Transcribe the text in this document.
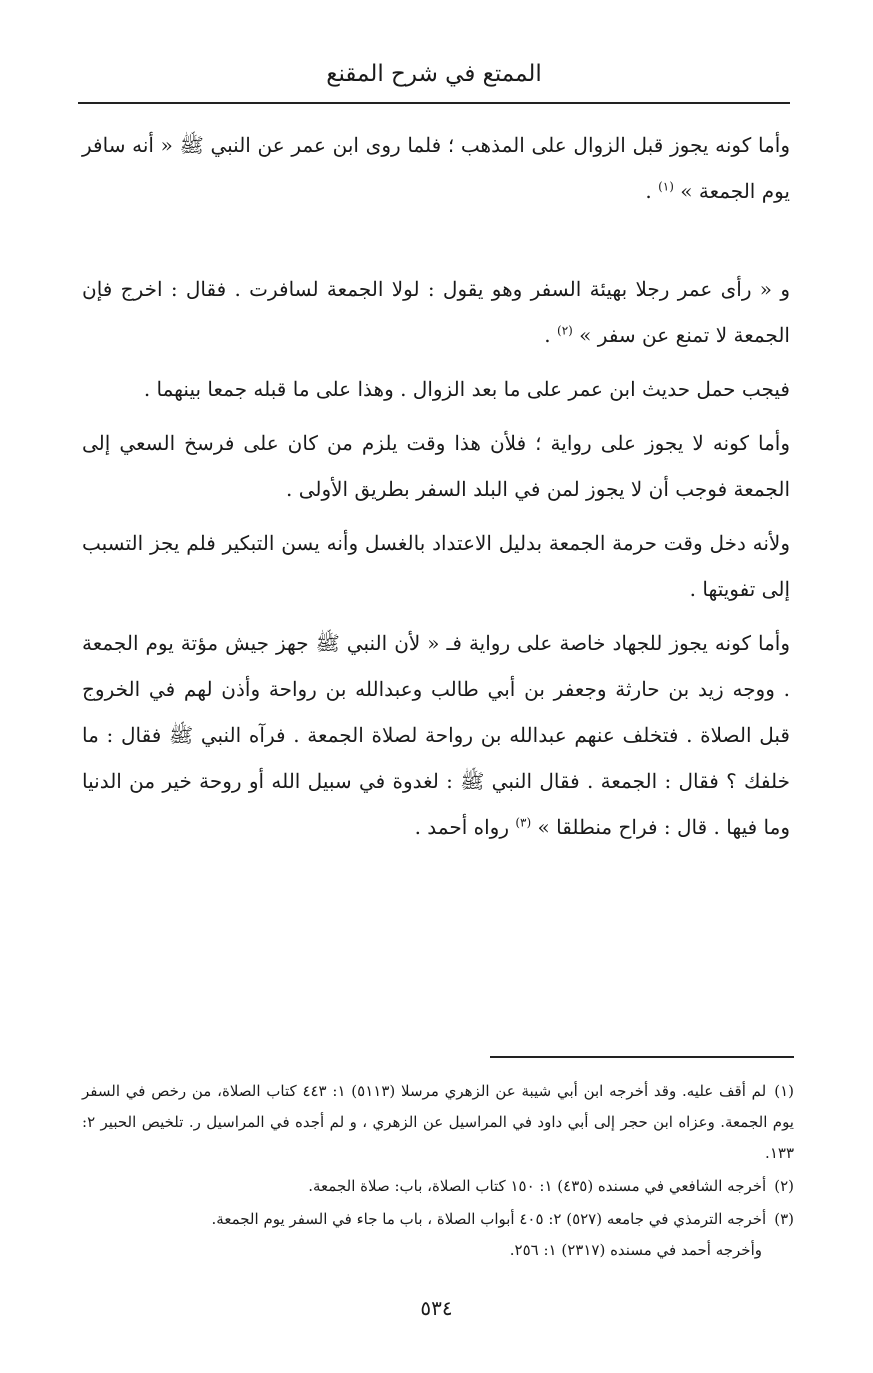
الممتع في شرح المقنع

وأما كونه يجوز قبل الزوال على المذهب ؛ فلما روى ابن عمر عن النبي ﷺ « أنه سافر يوم الجمعة » $^{(١)}$ .

و « رأى عمر رجلا بهيئة السفر وهو يقول : لولا الجمعة لسافرت . فقال : اخرج فإن الجمعة لا تمنع عن سفر » $^{(٢)}$ .

فيجب حمل حديث ابن عمر على ما بعد الزوال . وهذا على ما قبله جمعا بينهما .

وأما كونه لا يجوز على رواية ؛ فلأن هذا وقت يلزم من كان على فرسخ السعي إلى الجمعة فوجب أن لا يجوز لمن في البلد السفر بطريق الأولى .

ولأنه دخل وقت حرمة الجمعة بدليل الاعتداد بالغسل وأنه يسن التبكير فلم يجز التسبب إلى تفويتها .

وأما كونه يجوز للجهاد خاصة على رواية فـ « لأن النبي ﷺ جهز جيش مؤتة يوم الجمعة . ووجه زيد بن حارثة وجعفر بن أبي طالب وعبدالله بن رواحة وأذن لهم في الخروج قبل الصلاة . فتخلف عنهم عبدالله بن رواحة لصلاة الجمعة . فرآه النبي ﷺ فقال : ما خلفك ؟ فقال : الجمعة . فقال النبي ﷺ : لغدوة في سبيل الله أو روحة خير من الدنيا وما فيها . قال : فراح منطلقا » $^{(٣)}$ رواه أحمد .

(١)لم أقف عليه. وقد أخرجه ابن أبي شيبة عن الزهري مرسلا (٥١١٣) ١: ٤٤٣ كتاب الصلاة، من رخص في السفر يوم الجمعة. وعزاه ابن حجر إلى أبي داود في المراسيل عن الزهري ، و لم أجده في المراسيل ر. تلخيص الحبير ٢: ١٣٣.

(٢)أخرجه الشافعي في مسنده (٤٣٥) ١: ١٥٠ كتاب الصلاة، باب: صلاة الجمعة.

(٣)أخرجه الترمذي في جامعه (٥٢٧) ٢: ٤٠٥ أبواب الصلاة ، باب ما جاء في السفر يوم الجمعة.
وأخرجه أحمد في مسنده (٢٣١٧) ١: ٢٥٦.

٥٣٤
